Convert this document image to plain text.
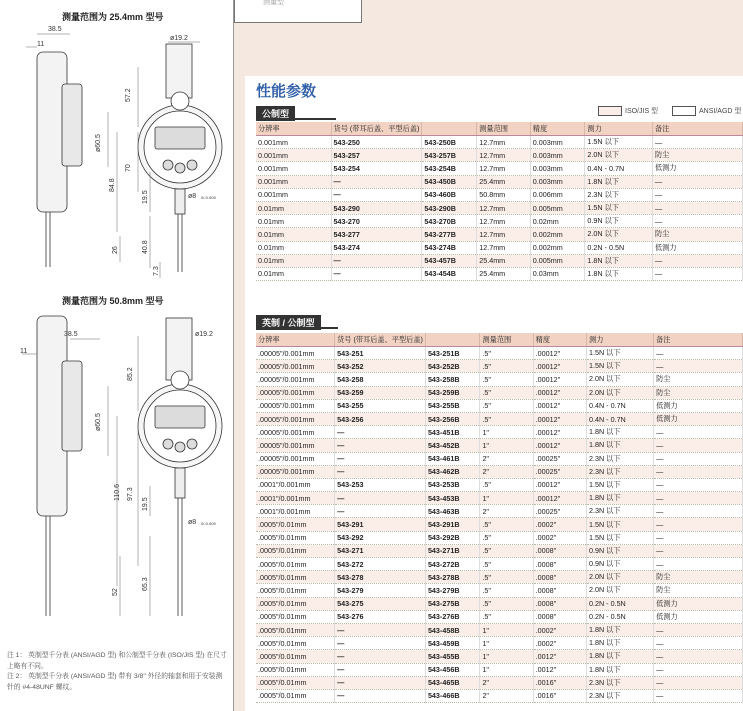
测量型
测量范围为 25.4mm 型号
38.5
11
ø19.2
57.2
ø60.5
70
84.8
19.5	ø8 0/-0.009
26	40.8
7.3
测量范围为 50.8mm 型号
38.5
11
ø19.2
85.2
ø60.5
110.6 97.3
19.5
ø8 0/-0.009
52
65.3
注 1： 英制型千分表 (ANSI/AGD 型) 和公制型千分表 (ISO/JIS 型) 在尺寸上略有不同。
注 2： 英制型千分表 (ANSI/AGD 型) 带有 3/8" 外径的轴套和用于安装测针的 #4-48UNF 螺纹。
性能参数
ISO/JIS 型	ANSI/AGD 型
公制型
分辨率	货号 (带耳后盖、平型后盖)		测量范围	精度	测力	备注
0.001mm	543-250	543-250B	12.7mm	0.003mm	1.5N 以下	—
0.001mm	543-257	543-257B	12.7mm	0.003mm	2.0N 以下	防尘
0.001mm	543-254	543-254B	12.7mm	0.003mm	0.4N - 0.7N	低测力
0.001mm	—	543-450B	25.4mm	0.003mm	1.8N 以下	—
0.001mm	—	543-460B	50.8mm	0.006mm	2.3N 以下	—
0.01mm	543-290	543-290B	12.7mm	0.005mm	1.5N 以下	—
0.01mm	543-270	543-270B	12.7mm	0.02mm	0.9N 以下	—
0.01mm	543-277	543-277B	12.7mm	0.002mm	2.0N 以下	防尘
0.01mm	543-274	543-274B	12.7mm	0.002mm	0.2N - 0.5N	低测力
0.01mm	—	543-457B	25.4mm	0.005mm	1.8N 以下	—
0.01mm	—	543-454B	25.4mm	0.03mm	1.8N 以下	—
英制 / 公制型
分辨率	货号 (带耳后盖、平型后盖)		测量范围	精度	测力	备注
.00005"/0.001mm	543-251	543-251B	.5"	.00012"	1.5N 以下	—
.00005"/0.001mm	543-252	543-252B	.5"	.00012"	1.5N 以下	—
.00005"/0.001mm	543-258	543-258B	.5"	.00012"	2.0N 以下	防尘
.00005"/0.001mm	543-259	543-259B	.5"	.00012"	2.0N 以下	防尘
.00005"/0.001mm	543-255	543-255B	.5"	.00012"	0.4N - 0.7N	低测力
.00005"/0.001mm	543-256	543-256B	.5"	.00012"	0.4N - 0.7N	低测力
.00005"/0.001mm	—	543-451B	1"	.00012"	1.8N 以下	—
.00005"/0.001mm	—	543-452B	1"	.00012"	1.8N 以下	—
.00005"/0.001mm	—	543-461B	2"	.00025"	2.3N 以下	—
.00005"/0.001mm	—	543-462B	2"	.00025"	2.3N 以下	—
.0001"/0.001mm	543-253	543-253B	.5"	.00012"	1.5N 以下	—
.0001"/0.001mm	—	543-453B	1"	.00012"	1.8N 以下	—
.0001"/0.001mm	—	543-463B	2"	.00025"	2.3N 以下	—
.0005"/0.01mm	543-291	543-291B	.5"	.0002"	1.5N 以下	—
.0005"/0.01mm	543-292	543-292B	.5"	.0002"	1.5N 以下	—
.0005"/0.01mm	543-271	543-271B	.5"	.0008"	0.9N 以下	—
.0005"/0.01mm	543-272	543-272B	.5"	.0008"	0.9N 以下	—
.0005"/0.01mm	543-278	543-278B	.5"	.0008"	2.0N 以下	防尘
.0005"/0.01mm	543-279	543-279B	.5"	.0008"	2.0N 以下	防尘
.0005"/0.01mm	543-275	543-275B	.5"	.0008"	0.2N - 0.5N	低测力
.0005"/0.01mm	543-276	543-276B	.5"	.0008"	0.2N - 0.5N	低测力
.0005"/0.01mm	—	543-458B	1"	.0002"	1.8N 以下	—
.0005"/0.01mm	—	543-459B	1"	.0002"	1.8N 以下	—
.0005"/0.01mm	—	543-455B	1"	.0012"	1.8N 以下	—
.0005"/0.01mm	—	543-456B	1"	.0012"	1.8N 以下	—
.0005"/0.01mm	—	543-465B	2"	.0016"	2.3N 以下	—
.0005"/0.01mm	—	543-466B	2"	.0016"	2.3N 以下	—
